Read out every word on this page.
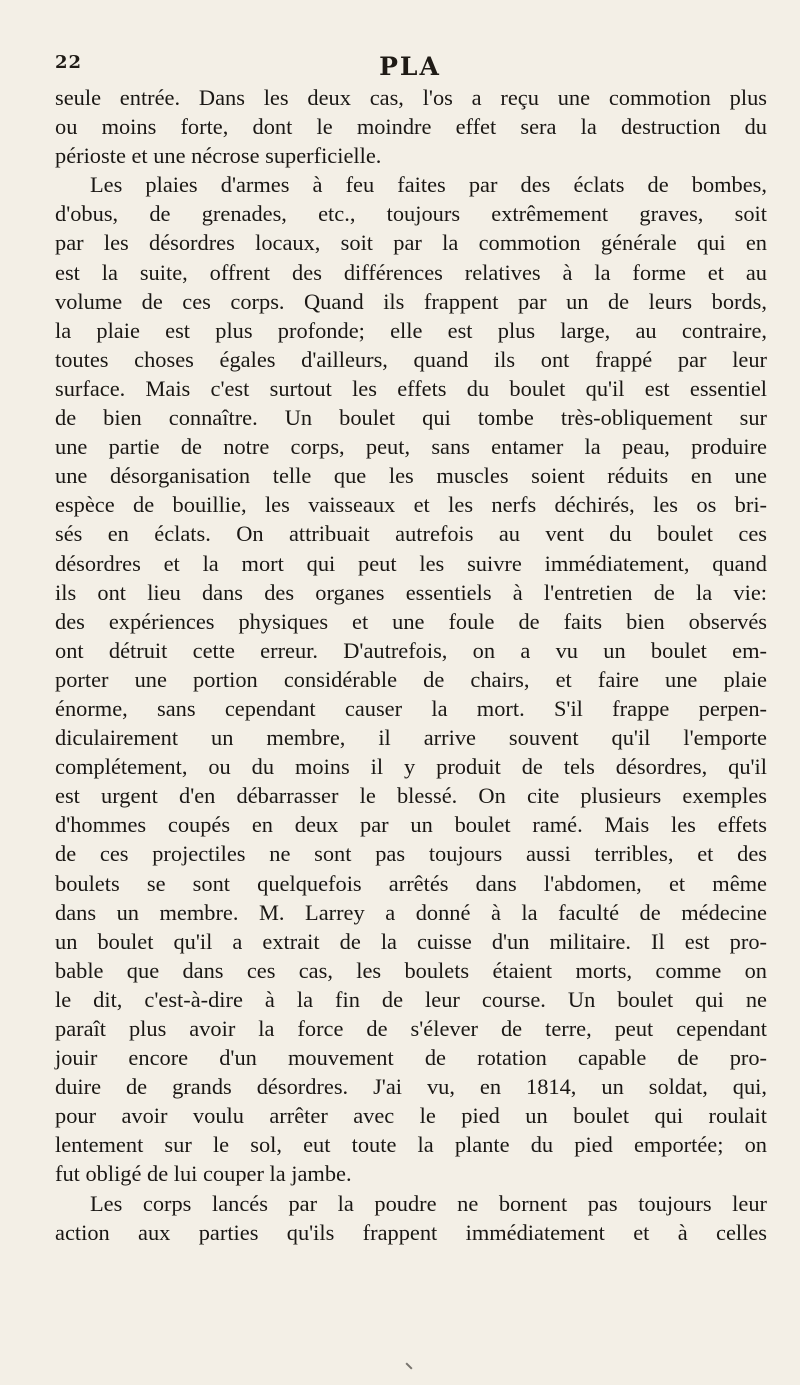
22	PLA
seule entrée. Dans les deux cas, l'os a reçu une commotion plus
ou moins forte, dont le moindre effet sera la destruction du
périoste et une nécrose superficielle.
Les plaies d'armes à feu faites par des éclats de bombes,
d'obus, de grenades, etc., toujours extrêmement graves, soit
par les désordres locaux, soit par la commotion générale qui en
est la suite, offrent des différences relatives à la forme et au
volume de ces corps. Quand ils frappent par un de leurs bords,
la plaie est plus profonde; elle est plus large, au contraire,
toutes choses égales d'ailleurs, quand ils ont frappé par leur
surface. Mais c'est surtout les effets du boulet qu'il est essentiel
de bien connaître. Un boulet qui tombe très-obliquement sur
une partie de notre corps, peut, sans entamer la peau, produire
une désorganisation telle que les muscles soient réduits en une
espèce de bouillie, les vaisseaux et les nerfs déchirés, les os bri-
sés en éclats. On attribuait autrefois au vent du boulet ces
désordres et la mort qui peut les suivre immédiatement, quand
ils ont lieu dans des organes essentiels à l'entretien de la vie:
des expériences physiques et une foule de faits bien observés
ont détruit cette erreur. D'autrefois, on a vu un boulet em-
porter une portion considérable de chairs, et faire une plaie
énorme, sans cependant causer la mort. S'il frappe perpen-
diculairement un membre, il arrive souvent qu'il l'emporte
complétement, ou du moins il y produit de tels désordres, qu'il
est urgent d'en débarrasser le blessé. On cite plusieurs exemples
d'hommes coupés en deux par un boulet ramé. Mais les effets
de ces projectiles ne sont pas toujours aussi terribles, et des
boulets se sont quelquefois arrêtés dans l'abdomen, et même
dans un membre. M. Larrey a donné à la faculté de médecine
un boulet qu'il a extrait de la cuisse d'un militaire. Il est pro-
bable que dans ces cas, les boulets étaient morts, comme on
le dit, c'est-à-dire à la fin de leur course. Un boulet qui ne
paraît plus avoir la force de s'élever de terre, peut cependant
jouir encore d'un mouvement de rotation capable de pro-
duire de grands désordres. J'ai vu, en 1814, un soldat, qui,
pour avoir voulu arrêter avec le pied un boulet qui roulait
lentement sur le sol, eut toute la plante du pied emportée; on
fut obligé de lui couper la jambe.
Les corps lancés par la poudre ne bornent pas toujours leur
action aux parties qu'ils frappent immédiatement et à celles
